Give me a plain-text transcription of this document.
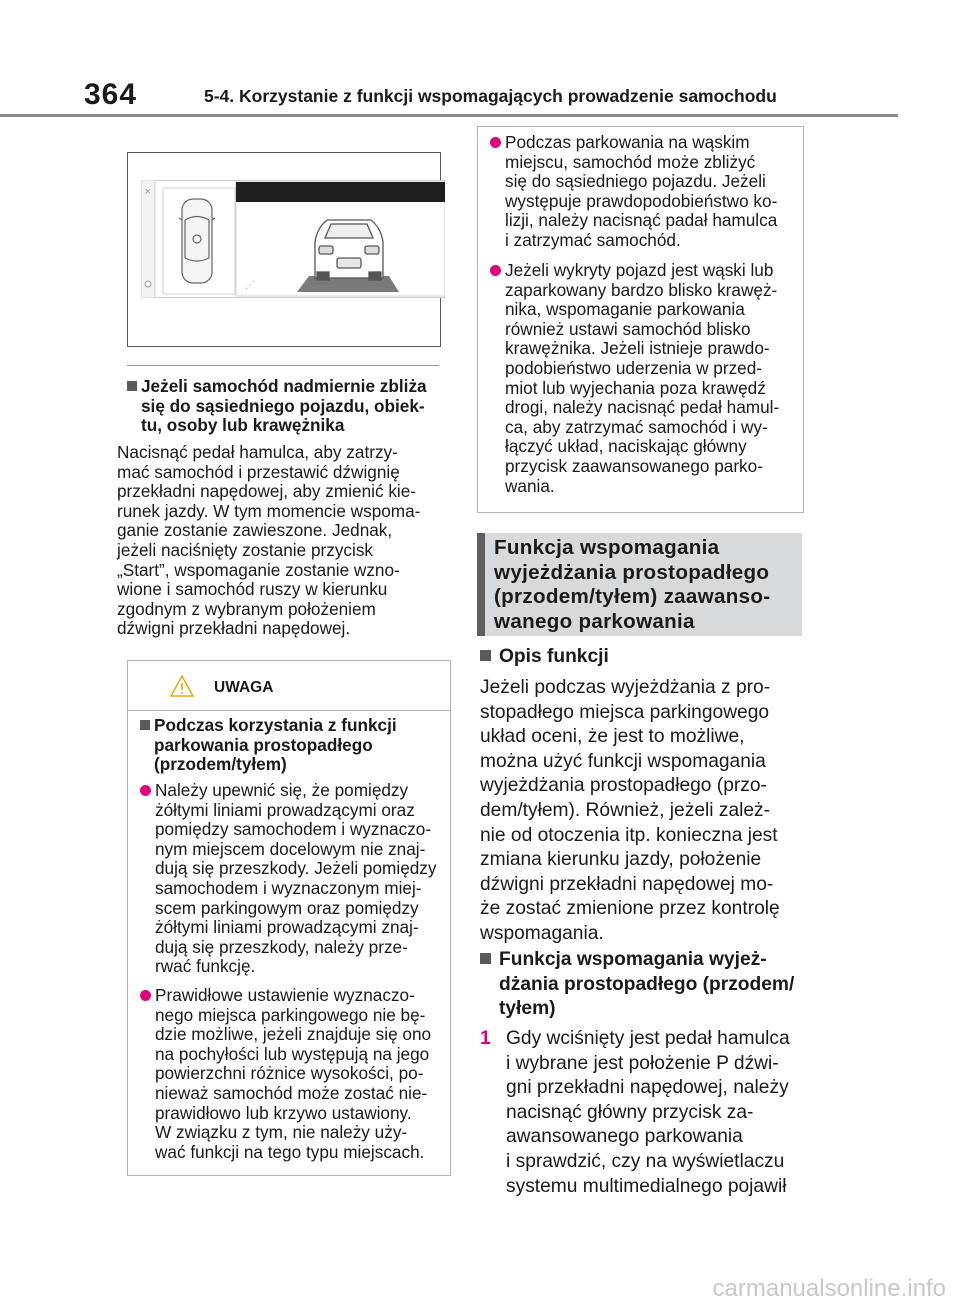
364	5-4. Korzystanie z funkcji wspomagających prowadzenie samochodu
×
⋰
Jeżeli samochód nadmiernie zbliża
się do sąsiedniego pojazdu, obiek-
tu, osoby lub krawężnika
Nacisnąć pedał hamulca, aby zatrzy-
mać samochód i przestawić dźwignię
przekładni napędowej, aby zmienić kie-
runek jazdy. W tym momencie wspoma-
ganie zostanie zawieszone. Jednak,
jeżeli naciśnięty zostanie przycisk
„Start”, wspomaganie zostanie wzno-
wione i samochód ruszy w kierunku
zgodnym z wybranym położeniem
dźwigni przekładni napędowej.
UWAGA
Podczas korzystania z funkcji
parkowania prostopadłego
(przodem/tyłem)
Należy upewnić się, że pomiędzy
żółtymi liniami prowadzącymi oraz
pomiędzy samochodem i wyznaczo-
nym miejscem docelowym nie znaj-
dują się przeszkody. Jeżeli pomiędzy
samochodem i wyznaczonym miej-
scem parkingowym oraz pomiędzy
żółtymi liniami prowadzącymi znaj-
dują się przeszkody, należy prze-
rwać funkcję.
Prawidłowe ustawienie wyznaczo-
nego miejsca parkingowego nie bę-
dzie możliwe, jeżeli znajduje się ono
na pochyłości lub występują na jego
powierzchni różnice wysokości, po-
nieważ samochód może zostać nie-
prawidłowo lub krzywo ustawiony.
W związku z tym, nie należy uży-
wać funkcji na tego typu miejscach.
Podczas parkowania na wąskim
miejscu, samochód może zbliżyć
się do sąsiedniego pojazdu. Jeżeli
występuje prawdopodobieństwo ko-
lizji, należy nacisnąć padał hamulca
i zatrzymać samochód.
Jeżeli wykryty pojazd jest wąski lub
zaparkowany bardzo blisko krawęż-
nika, wspomaganie parkowania
również ustawi samochód blisko
krawężnika. Jeżeli istnieje prawdo-
podobieństwo uderzenia w przed-
miot lub wyjechania poza krawędź
drogi, należy nacisnąć pedał hamul-
ca, aby zatrzymać samochód i wy-
łączyć układ, naciskając główny
przycisk zaawansowanego parko-
wania.
Funkcja wspomagania
wyjeżdżania prostopadłego
(przodem/tyłem) zaawanso-
wanego parkowania
Opis funkcji
Jeżeli podczas wyjeżdżania z pro-
stopadłego miejsca parkingowego
układ oceni, że jest to możliwe,
można użyć funkcji wspomagania
wyjeżdżania prostopadłego (przo-
dem/tyłem). Również, jeżeli zależ-
nie od otoczenia itp. konieczna jest
zmiana kierunku jazdy, położenie
dźwigni przekładni napędowej mo-
że zostać zmienione przez kontrolę
wspomagania.
Funkcja wspomagania wyjeż-
dżania prostopadłego (przodem/
tyłem)
1 Gdy wciśnięty jest pedał hamulca
i wybrane jest położenie P dźwi-
gni przekładni napędowej, należy
nacisnąć główny przycisk za-
awansowanego parkowania
i sprawdzić, czy na wyświetlaczu
systemu multimedialnego pojawił
carmanualsonline.info
